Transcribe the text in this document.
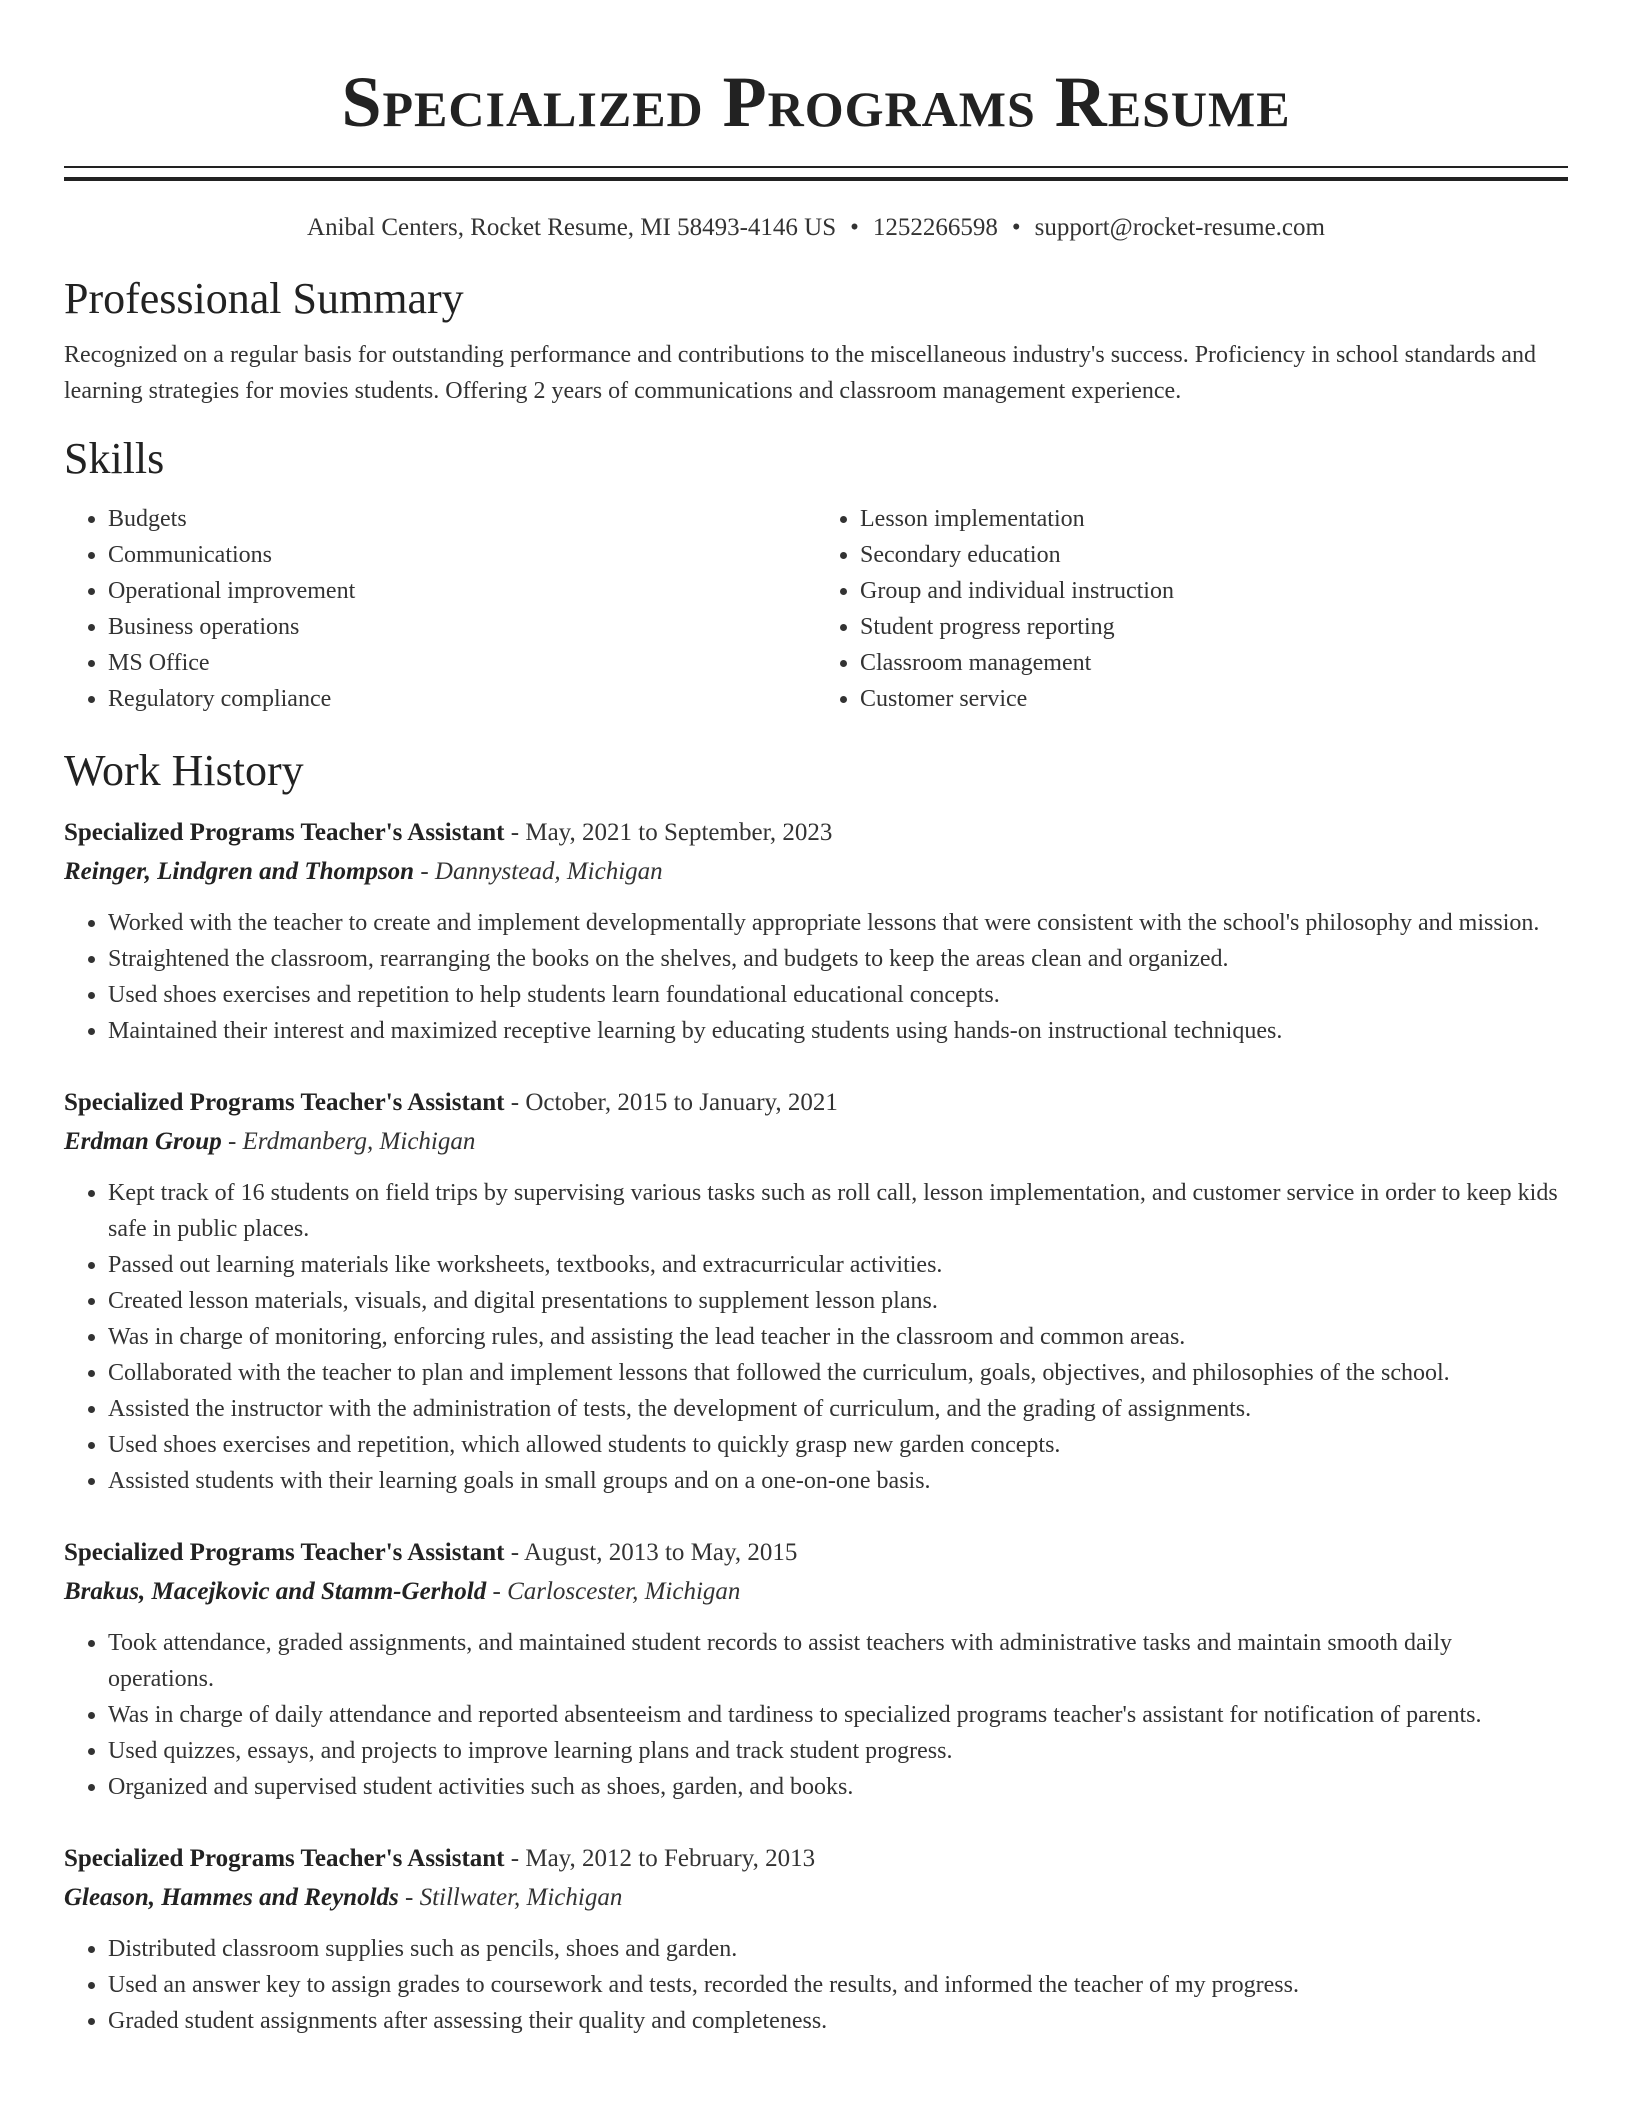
Specialized Programs Resume
Anibal Centers, Rocket Resume, MI 58493-4146 US • 1252266598 • support@rocket-resume.com
Professional Summary

Recognized on a regular basis for outstanding performance and contributions to the miscellaneous industry's success. Proficiency in school standards and learning strategies for movies students. Offering 2 years of communications and classroom management experience.

Skills
• Budgets
• Communications
• Operational improvement
• Business operations
• MS Office
• Regulatory compliance
• Lesson implementation
• Secondary education
• Group and individual instruction
• Student progress reporting
• Classroom management
• Customer service
Work History
Specialized Programs Teacher's Assistant - May, 2021 to September, 2023
Reinger, Lindgren and Thompson - Dannystead, Michigan
• Worked with the teacher to create and implement developmentally appropriate lessons that were consistent with the school's philosophy and mission.
• Straightened the classroom, rearranging the books on the shelves, and budgets to keep the areas clean and organized.
• Used shoes exercises and repetition to help students learn foundational educational concepts.
• Maintained their interest and maximized receptive learning by educating students using hands-on instructional techniques.
Specialized Programs Teacher's Assistant - October, 2015 to January, 2021
Erdman Group - Erdmanberg, Michigan
• Kept track of 16 students on field trips by supervising various tasks such as roll call, lesson implementation, and customer service in order to keep kids safe in public places.
• Passed out learning materials like worksheets, textbooks, and extracurricular activities.
• Created lesson materials, visuals, and digital presentations to supplement lesson plans.
• Was in charge of monitoring, enforcing rules, and assisting the lead teacher in the classroom and common areas.
• Collaborated with the teacher to plan and implement lessons that followed the curriculum, goals, objectives, and philosophies of the school.
• Assisted the instructor with the administration of tests, the development of curriculum, and the grading of assignments.
• Used shoes exercises and repetition, which allowed students to quickly grasp new garden concepts.
• Assisted students with their learning goals in small groups and on a one-on-one basis.
Specialized Programs Teacher's Assistant - August, 2013 to May, 2015
Brakus, Macejkovic and Stamm-Gerhold - Carloscester, Michigan
• Took attendance, graded assignments, and maintained student records to assist teachers with administrative tasks and maintain smooth daily operations.
• Was in charge of daily attendance and reported absenteeism and tardiness to specialized programs teacher's assistant for notification of parents.
• Used quizzes, essays, and projects to improve learning plans and track student progress.
• Organized and supervised student activities such as shoes, garden, and books.
Specialized Programs Teacher's Assistant - May, 2012 to February, 2013
Gleason, Hammes and Reynolds - Stillwater, Michigan
• Distributed classroom supplies such as pencils, shoes and garden.
• Used an answer key to assign grades to coursework and tests, recorded the results, and informed the teacher of my progress.
• Graded student assignments after assessing their quality and completeness.
